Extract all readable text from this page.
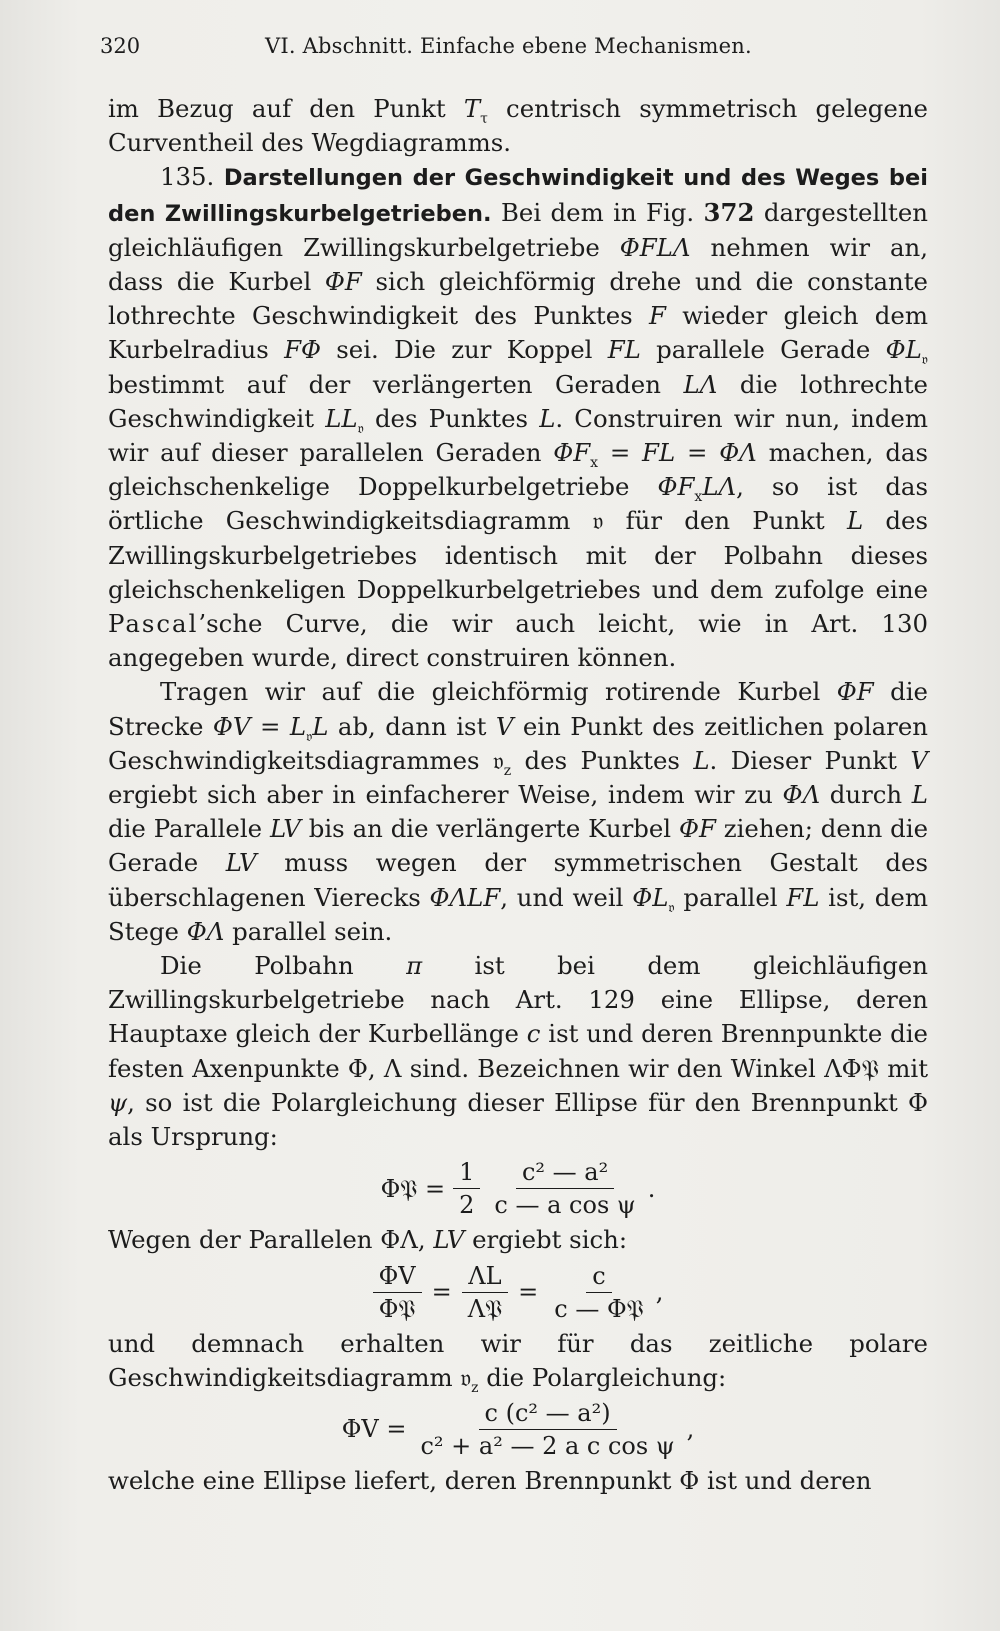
320	VI. Abschnitt. Einfache ebene Mechanismen.

im Bezug auf den Punkt $T_\tau$ centrisch symmetrisch gelegene Curventheil des Wegdiagramms.

135. Darstellungen der Geschwindigkeit und des Weges bei den Zwillingskurbelgetrieben. Bei dem in Fig. 372 dargestellten gleichläufigen Zwillingskurbelgetriebe ΦFLΛ nehmen wir an, dass die Kurbel ΦF sich gleichförmig drehe und die constante lothrechte Geschwindigkeit des Punktes F wieder gleich dem Kurbelradius FΦ sei. Die zur Koppel FL parallele Gerade $\Phi L_𝔳$ bestimmt auf der verlängerten Geraden LΛ die lothrechte Geschwindigkeit $LL_𝔳$ des Punktes L. Construiren wir nun, indem wir auf dieser parallelen Geraden $\Phi F_x$ = FL = ΦΛ machen, das gleichschenkelige Doppelkurbelgetriebe $\Phi F_xL\Lambda$, so ist das örtliche Geschwindigkeitsdiagramm 𝔳 für den Punkt L des Zwillingskurbelgetriebes identisch mit der Polbahn dieses gleichschenkeligen Doppelkurbelgetriebes und dem zufolge eine Pascal’sche Curve, die wir auch leicht, wie in Art. 130 angegeben wurde, direct construiren können.

Tragen wir auf die gleichförmig rotirende Kurbel ΦF die Strecke $\Phi V = L_𝔳L$ ab, dann ist V ein Punkt des zeitlichen polaren Geschwindigkeitsdiagrammes 𝔳$_z$ des Punktes L. Dieser Punkt V ergiebt sich aber in einfacherer Weise, indem wir zu ΦΛ durch L die Parallele LV bis an die verlängerte Kurbel ΦF ziehen; denn die Gerade LV muss wegen der symmetrischen Gestalt des überschlagenen Vierecks ΦΛLF, und weil $\Phi L_𝔳$ parallel FL ist, dem Stege ΦΛ parallel sein.

Die Polbahn π ist bei dem gleichläufigen Zwillingskurbelgetriebe nach Art. 129 eine Ellipse, deren Hauptaxe gleich der Kurbellänge c ist und deren Brennpunkte die festen Axenpunkte Φ, Λ sind. Bezeichnen wir den Winkel ΛΦ𝔓 mit ψ, so ist die Polargleichung dieser Ellipse für den Brennpunkt Φ als Ursprung:

Φ𝔓 = $\frac{1}{2} \frac{\text{c² — a²}}{\text{c — a cos ψ}}$ .

Wegen der Parallelen ΦΛ, LV ergiebt sich:

$\frac{\Phi V}{\text{Φ𝔓}} = \frac{\Lambda L}{\text{Λ𝔓}} = \frac{c}{\text{c — Φ𝔓}}$ ,

und demnach erhalten wir für das zeitliche polare Geschwindigkeitsdiagramm 𝔳$_z$ die Polargleichung:

$\Phi V = \frac{\text{c (c² — a²)}}{\text{c² + a² — 2 a c cos ψ}}$ ,

welche eine Ellipse liefert, deren Brennpunkt Φ ist und deren
